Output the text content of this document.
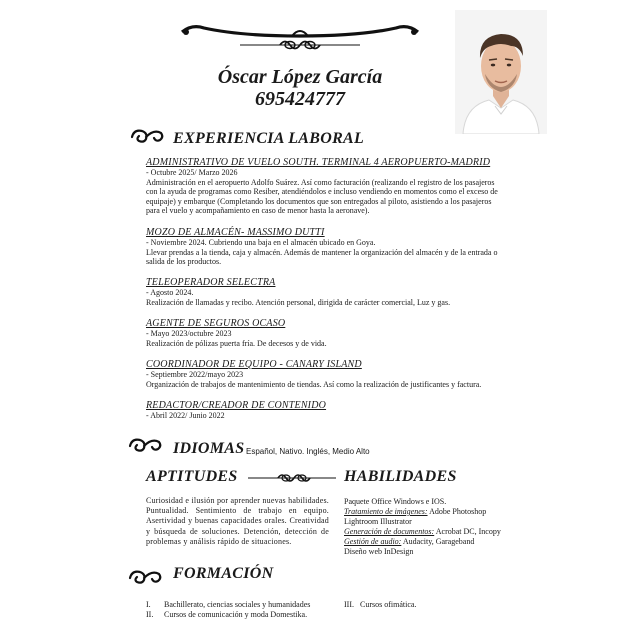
Óscar López García
695424777
EXPERIENCIA LABORAL
ADMINISTRATIVO DE VUELO SOUTH. TERMINAL 4 AEROPUERTO-MADRID
- Octubre 2025/ Marzo 2026
Administración en el aeropuerto Adolfo Suárez. Así como facturación (realizando el registro de los pasajeros con la ayuda de programas como Resiber, atendiéndolos e incluso vendiendo en momentos como el exceso de equipaje) y embarque (Completando los documentos que son entregados al piloto, asistiendo a los pasajeros para el vuelo y acompañamiento en caso de menor hasta la aeronave).
MOZO DE ALMACÉN- MASSIMO DUTTI
- Noviembre 2024. Cubriendo una baja en el almacén ubicado en Goya.
Llevar prendas a la tienda, caja y almacén. Además de mantener la organización del almacén y de la entrada o salida de los productos.
TELEOPERADOR SELECTRA
- Agosto 2024.
Realización de llamadas y recibo. Atención personal, dirigida de carácter comercial, Luz y gas.
AGENTE DE SEGUROS OCASO
- Mayo 2023/octubre 2023
Realización de pólizas puerta fría. De decesos y de vida.
COORDINADOR DE EQUIPO - CANARY ISLAND
- Septiembre 2022/mayo 2023
Organización de trabajos de mantenimiento de tiendas. Así como la realización de justificantes y factura.
REDACTOR/CREADOR DE CONTENIDO
- Abril 2022/ Junio 2022
IDIOMAS Español, Nativo. Inglés, Medio Alto
APTITUDES	HABILIDADES
Curiosidad e ilusión por aprender nuevas habilidades. Puntualidad. Sentimiento de trabajo en equipo. Asertividad y buenas capacidades orales. Creatividad y búsqueda de soluciones. Detención, detección de problemas y análisis rápido de situaciones.
Paquete Office Windows e IOS.
Tratamiento de imágenes: Adobe Photoshop
Lightroom Illustrator
Generación de documentos: Acrobat DC, Incopy
Gestión de audio: Audacity, Garageband
Diseño web InDesign
FORMACIÓN
I. Bachillerato, ciencias sociales y humanidades
II. Cursos de comunicación y moda Domestika.
III. Cursos ofimática.
